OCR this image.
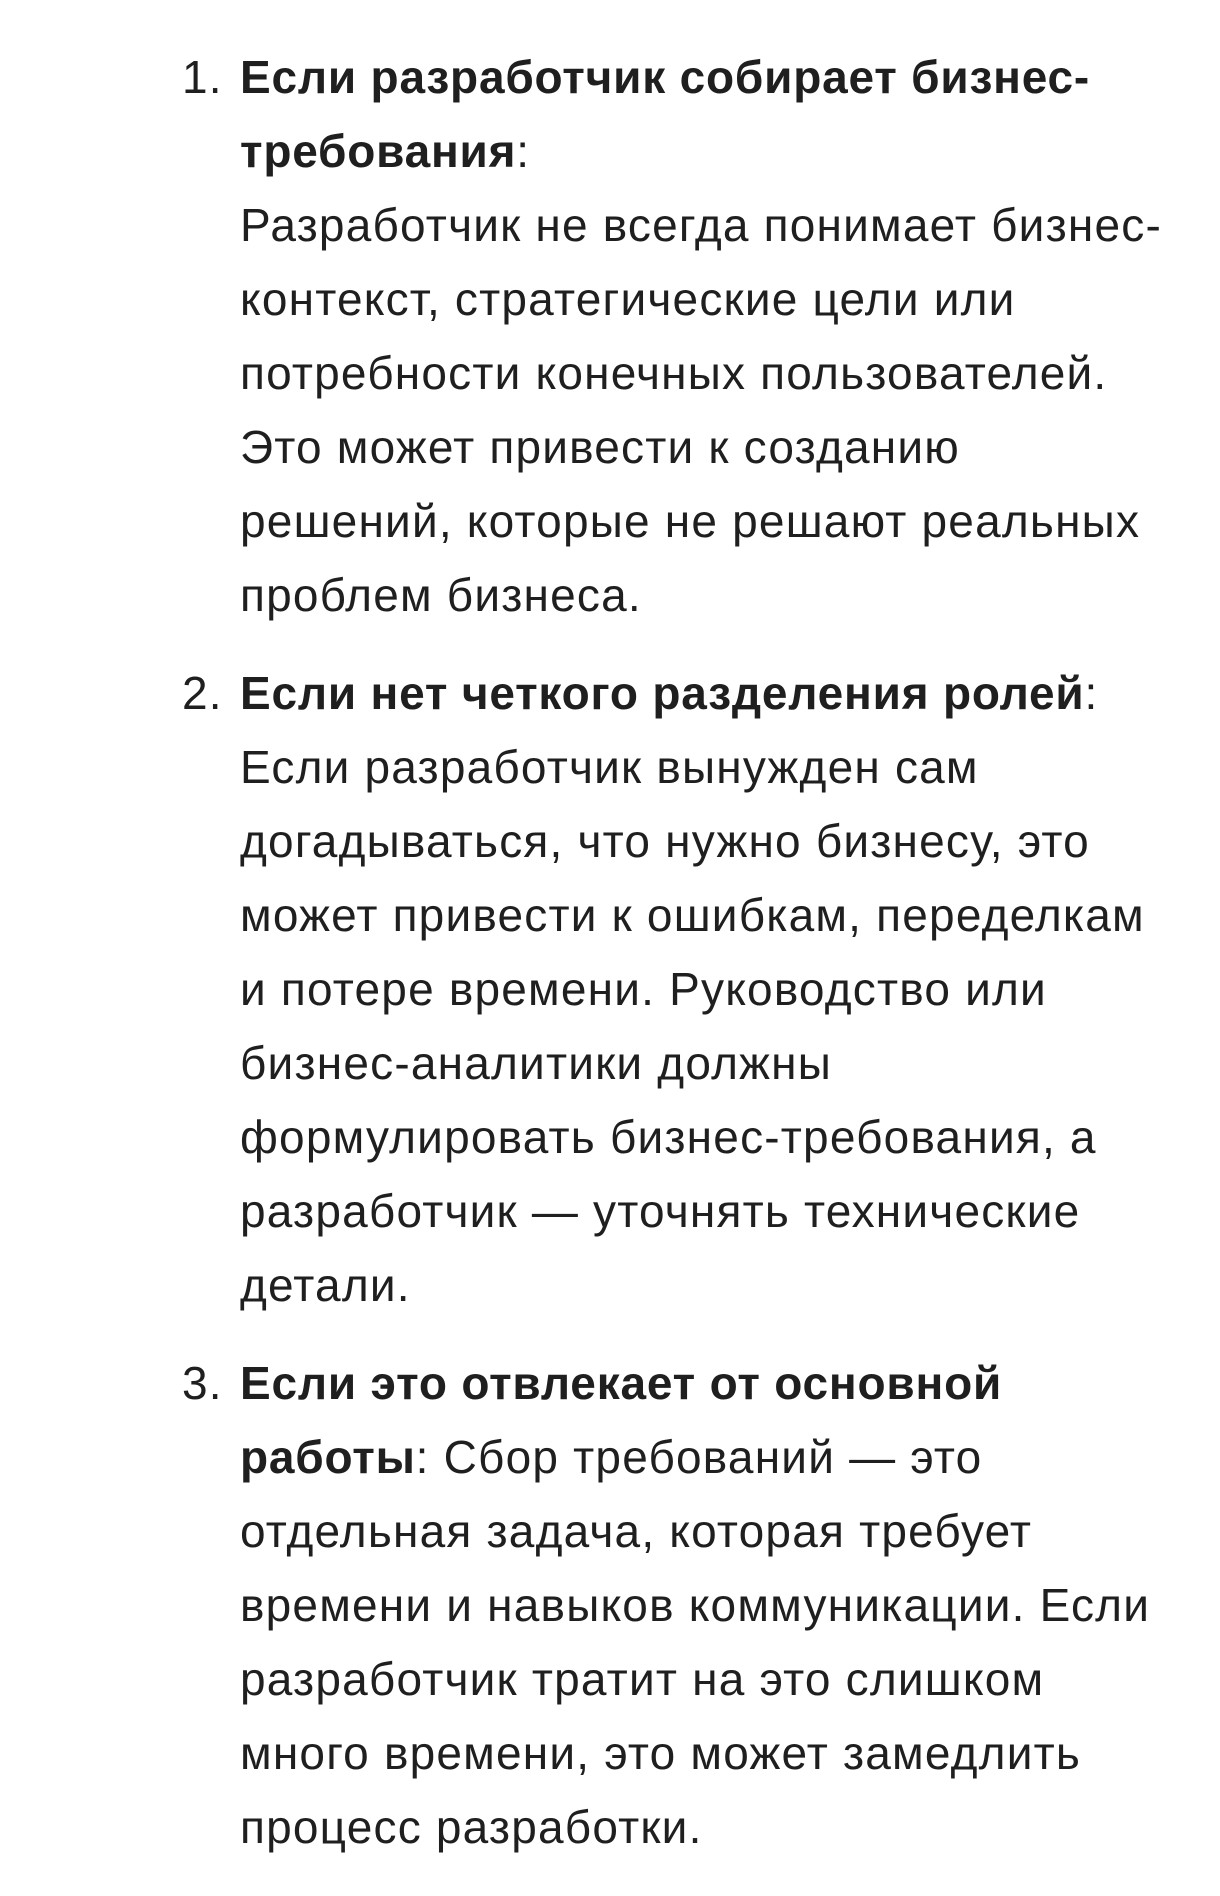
1. Если разработчик собирает бизнес-требования:
Разработчик не всегда понимает бизнес-контекст, стратегические цели или потребности конечных пользователей. Это может привести к созданию решений, которые не решают реальных проблем бизнеса.
2. Если нет четкого разделения ролей:
Если разработчик вынужден сам догадываться, что нужно бизнесу, это может привести к ошибкам, переделкам и потере времени. Руководство или бизнес-аналитики должны формулировать бизнес-требования, а разработчик — уточнять технические детали.
3. Если это отвлекает от основной работы: Сбор требований — это отдельная задача, которая требует времени и навыков коммуникации. Если разработчик тратит на это слишком много времени, это может замедлить процесс разработки.
